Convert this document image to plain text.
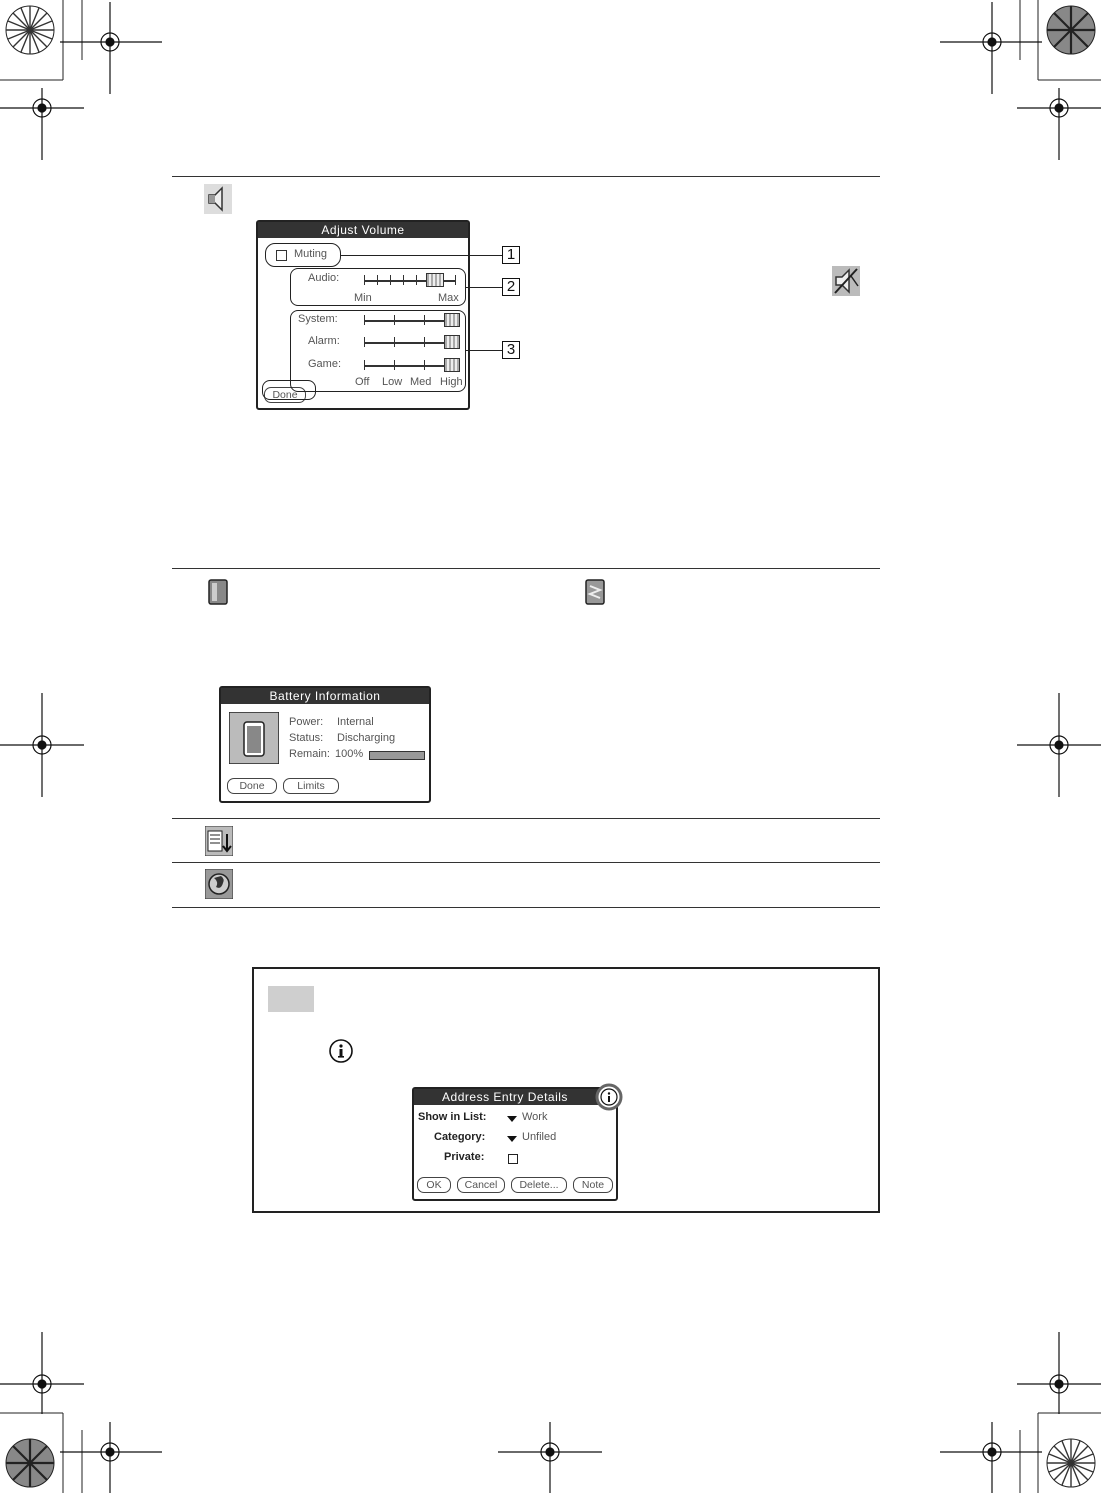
Adjust Volume
Muting
Audio:
Min	Max
System:
Alarm:
Game:
Off Low Med High
Done
1
2
3
Battery Information
Power: Internal
Status: Discharging
Remain: 100%
Done	Limits
Address Entry Details
Show in List:	Work
Category:	Unfiled
Private:
OK	Cancel	Delete...	Note
